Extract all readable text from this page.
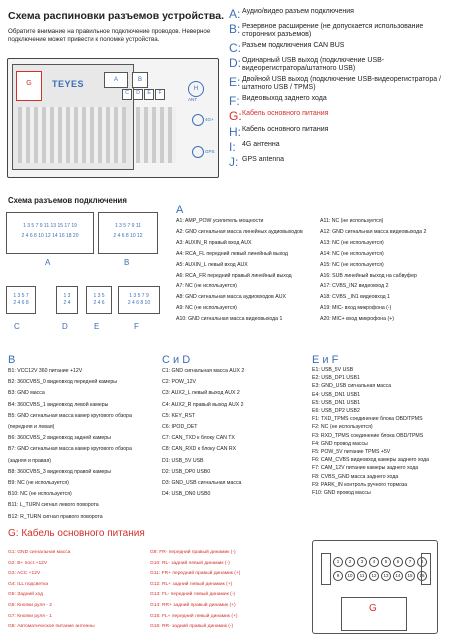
Схема распиновки разъемов устройства.
Обратите внимание на правильное подключение проводов. Неверное подключение может привести к поломке устройства.
A: Аудио/видео разъем подключения
B: Резервное расширение (не допускается использование сторонних разъемов)
C: Разъем подключения CAN BUS
D: Одинарный USB выход (подключение USB-видеорегистратора/штатного USB)
E: Двойной USB выход (подключение USB-видеорегистратора / штатного USB / TPMS)
F: Видеовыход заднего хода
G: Кабель основного питания
H: Кабель основного питания
I: 4G антенна
J: GPS antenna
G	TEYES	A	B
C	D	E	F
H
ANT
4G+
GPS
Схема разъемов подключения
1 3 5 7 9 11 13 15 17 19
2 4 6 8 10 12 14 16 18 20
1 3 5 7 9 11
2 4 6 8 10 12
A	B
1 3 5 7
2 4 6 8
1 3
2 4
1 3 5
2 4 6
1 3 5 7 9
2 4 6 8 10
C	D	E	F
A
A1: AMP_POW усилитель мощности
A2: GND сигнальная масса линейных аудиовыходов
A3: AUXIN_R правый вход AUX
A4: RCA_FL передний левый линейный выход
A5: AUXIN_L левый вход AUX
A6: RCA_FR передний правый линейный выход
A7: NC (не используется)
A8: GND сигнальная масса аудиовходов AUX
A9: NC (не используется)
A10: GND сигнальная масса видеовыхода 1
A11: NC (не используется)
A12: GND сигнальная масса видеовыхода 2
A13: NC (не используется)
A14: NC (не используется)
A15: NC (не используется)
A16: SUB линейный выход на сабвуфер
A17: CVBS_IN2 видеовход 2
A18: CVBS _IN1 видеовход 1
A19: MIC- вход микрофона (-)
A20: MIC+ вход микрофона (+)
B
B1: VCC12V 360 питание +12V
B2: 360CVBS_0 видеовход передней камеры
B3: GND масса
B4: 360CVBS_1 видеовход левой камеры
B5: GND сигнальная масса камер кругового обзора
(передняя и левая)
B6: 360CVBS_2 видеовход задней камеры
B7: GND сигнальная масса камер кругового обзора
(задняя и правая)
B8: 360CVBS_3 видеовход правой камеры
B9: NC (не используется)
B10: NC (не используется)
B11: L_TURN сигнал левого поворота
B12: R_TURN сигнал правого поворота
C и D
C1: GND сигнальная масса AUX 2
C2: POW_12V
C3: AUX2_L левый выход AUX 2
C4: AUX2_R правый выход AUX 2
C5: KEY_RST
C6: IPOD_DET
C7: CAN_TXD к блоку CAN TX
C8: CAN_RXD к блоку CAN RX
D1: USB_5V USB
D2: USB_DP0 USB0
D3: GND_USB сигнальная масса
D4: USB_DN0 USB0
E и F
E1: USB_5V USB
E2: USB_DP1 USB1
E3: GND_USB сигнальная масса
E4: USB_DN1 USB1
E5: USB_DN1 USB1
E6: USB_DP2 USB2
F1: TXD_TPMS соединение блока OBD/TPMS
F2: NC (не используется)
F3: RXD_TPMS соединение блока OBD/TPMS
F4: GND провод массы
F5: POW_5V питание TPMS +5V
F6: CAM_CVBS видеовход камеры заднего хода
F7: CAM_12V питание камеры заднего хода
F8: CVBS_GND масса заднего хода
F9: PARK_IN контроль ручного тормоза
F10: GND провод массы
G: Кабель основного питания
G1: GND сигнальная масса
G2: B+ пост.+12V
G3: ACC +12V
G4: ILL подсветка
G5: Задний ход
G6: Кнопки руля - 2
G7: Кнопки руля - 1
G8: Автоматическое питание антенны
G9: FR- передний правый динамик (-)
G10: RL- задний левый динамик (-)
G11: FR+ передний правый динамик (+)
G12: RL+ задний левый динамик (+)
G13: FL- передний левый динамик (-)
G14: RR+ задний правый динамик (+)
G15: FL+ передний левый динамик (+)
G16: RR- задний правый динамик (-)
1	2	3	4	5	6	7	8
9	10	11	12	13	14	15	16
G
